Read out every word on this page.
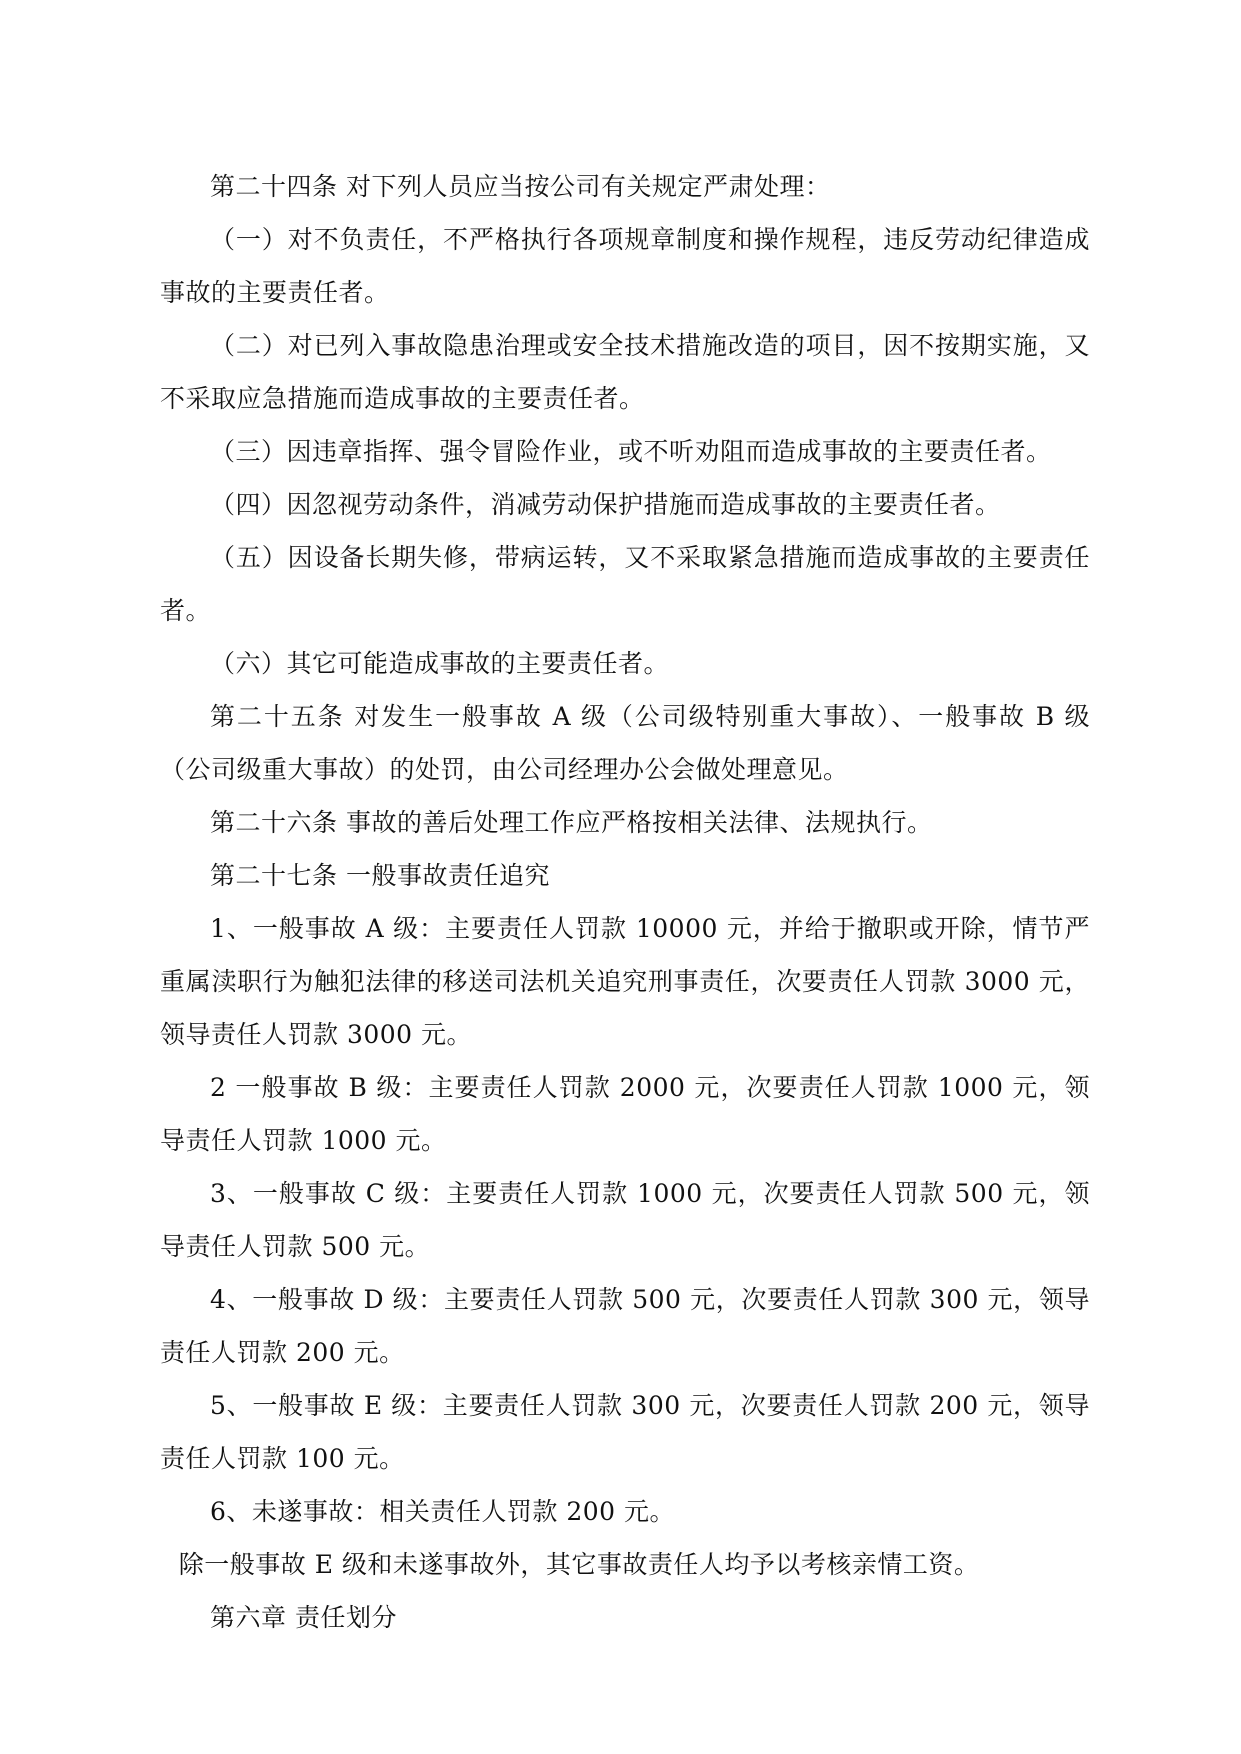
第二十四条 对下列人员应当按公司有关规定严肃处理：

（一）对不负责任，不严格执行各项规章制度和操作规程，违反劳动纪律造成事故的主要责任者。

（二）对已列入事故隐患治理或安全技术措施改造的项目，因不按期实施，又不采取应急措施而造成事故的主要责任者。

（三）因违章指挥、强令冒险作业，或不听劝阻而造成事故的主要责任者。

（四）因忽视劳动条件，消减劳动保护措施而造成事故的主要责任者。

（五）因设备长期失修，带病运转，又不采取紧急措施而造成事故的主要责任者。

（六）其它可能造成事故的主要责任者。

第二十五条 对发生一般事故 A 级（公司级特别重大事故）、一般事故 B 级（公司级重大事故）的处罚，由公司经理办公会做处理意见。

第二十六条 事故的善后处理工作应严格按相关法律、法规执行。

第二十七条 一般事故责任追究

1、一般事故 A 级：主要责任人罚款 10000 元，并给于撤职或开除，情节严重属渎职行为触犯法律的移送司法机关追究刑事责任，次要责任人罚款 3000 元，领导责任人罚款 3000 元。

2 一般事故 B 级：主要责任人罚款 2000 元，次要责任人罚款 1000 元，领导责任人罚款 1000 元。

3、一般事故 C 级：主要责任人罚款 1000 元，次要责任人罚款 500 元，领导责任人罚款 500 元。

4、一般事故 D 级：主要责任人罚款 500 元，次要责任人罚款 300 元，领导责任人罚款 200 元。

5、一般事故 E 级：主要责任人罚款 300 元，次要责任人罚款 200 元，领导责任人罚款 100 元。

6、未遂事故：相关责任人罚款 200 元。

除一般事故 E 级和未遂事故外，其它事故责任人均予以考核亲情工资。

第六章 责任划分
